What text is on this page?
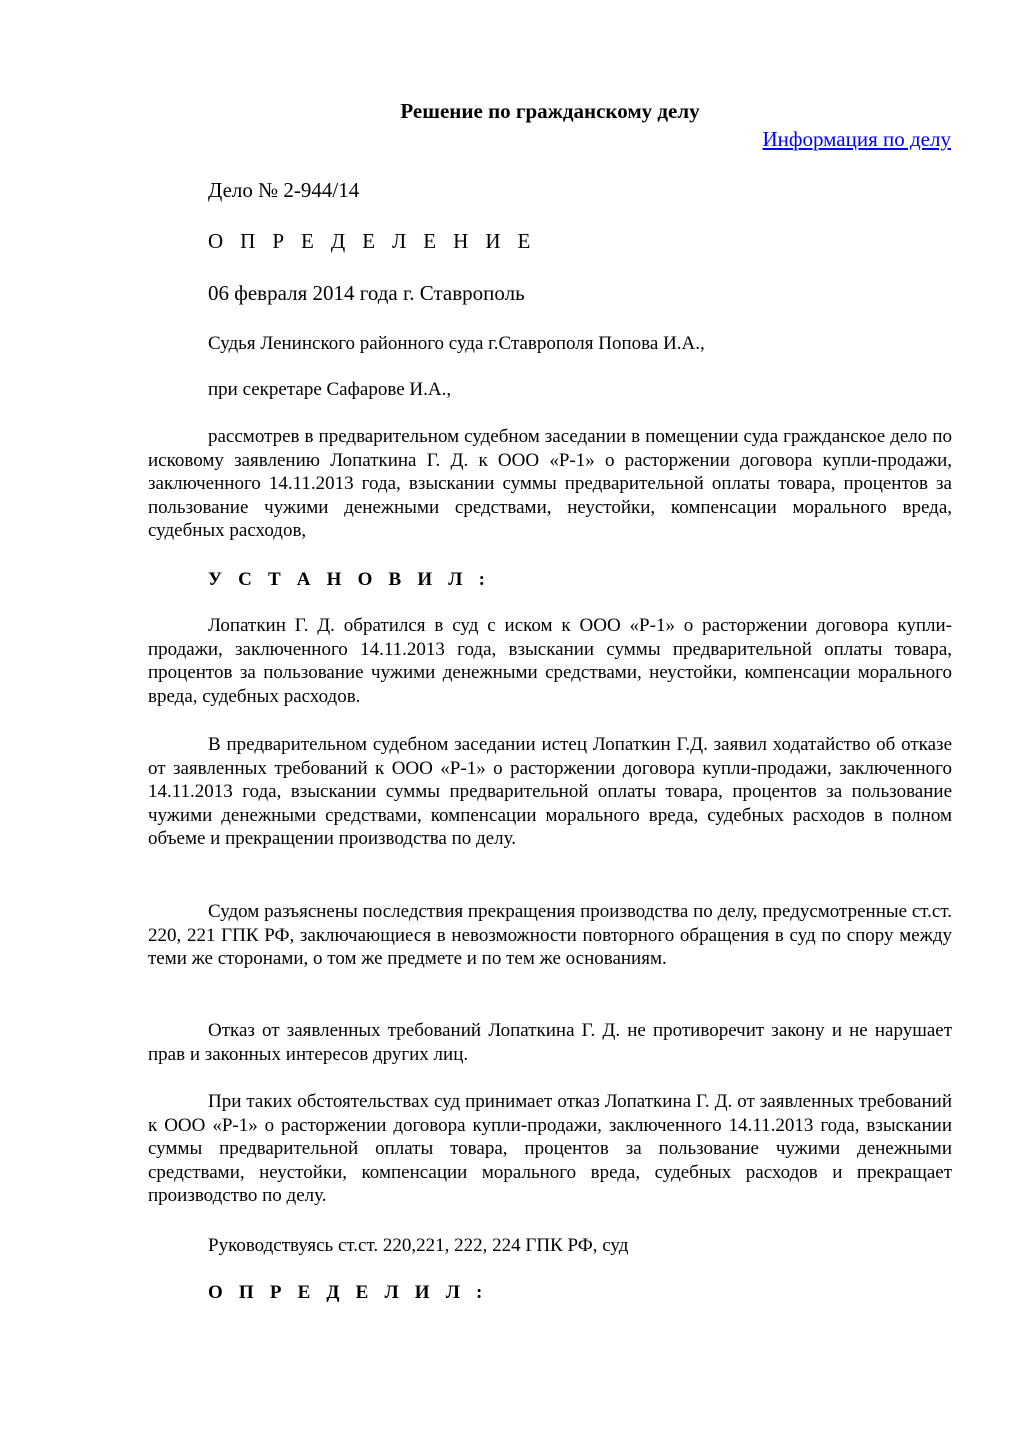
Решение по гражданскому делу
Информация по делу

Дело № 2-944/14

О П Р Е Д Е Л Е Н И Е

06 февраля 2014 года г. Ставрополь

Судья Ленинского районного суда г.Ставрополя Попова И.А.,

при секретаре Сафарове И.А.,

рассмотрев в предварительном судебном заседании в помещении суда гражданское дело по исковому заявлению Лопаткина Г. Д. к ООО «Р-1» о расторжении договора купли-продажи, заключенного 14.11.2013 года, взыскании суммы предварительной оплаты товара, процентов за пользование чужими денежными средствами, неустойки, компенсации морального вреда, судебных расходов,

У С Т А Н О В И Л :

Лопаткин Г. Д. обратился в суд с иском к ООО «Р-1» о расторжении договора купли-продажи, заключенного 14.11.2013 года, взыскании суммы предварительной оплаты товара, процентов за пользование чужими денежными средствами, неустойки, компенсации морального вреда, судебных расходов.

В предварительном судебном заседании истец Лопаткин Г.Д. заявил ходатайство об отказе от заявленных требований к ООО «Р-1» о расторжении договора купли-продажи, заключенного 14.11.2013 года, взыскании суммы предварительной оплаты товара, процентов за пользование чужими денежными средствами, компенсации морального вреда, судебных расходов в полном объеме и прекращении производства по делу.

Судом разъяснены последствия прекращения производства по делу, предусмотренные ст.ст. 220, 221 ГПК РФ, заключающиеся в невозможности повторного обращения в суд по спору между теми же сторонами, о том же предмете и по тем же основаниям.

Отказ от заявленных требований Лопаткина Г. Д. не противоречит закону и не нарушает прав и законных интересов других лиц.

При таких обстоятельствах суд принимает отказ Лопаткина Г. Д. от заявленных требований к ООО «Р-1» о расторжении договора купли-продажи, заключенного 14.11.2013 года, взыскании суммы предварительной оплаты товара, процентов за пользование чужими денежными средствами, неустойки, компенсации морального вреда, судебных расходов и прекращает производство по делу.

Руководствуясь ст.ст. 220,221, 222, 224 ГПК РФ, суд

О П Р Е Д Е Л И Л :
